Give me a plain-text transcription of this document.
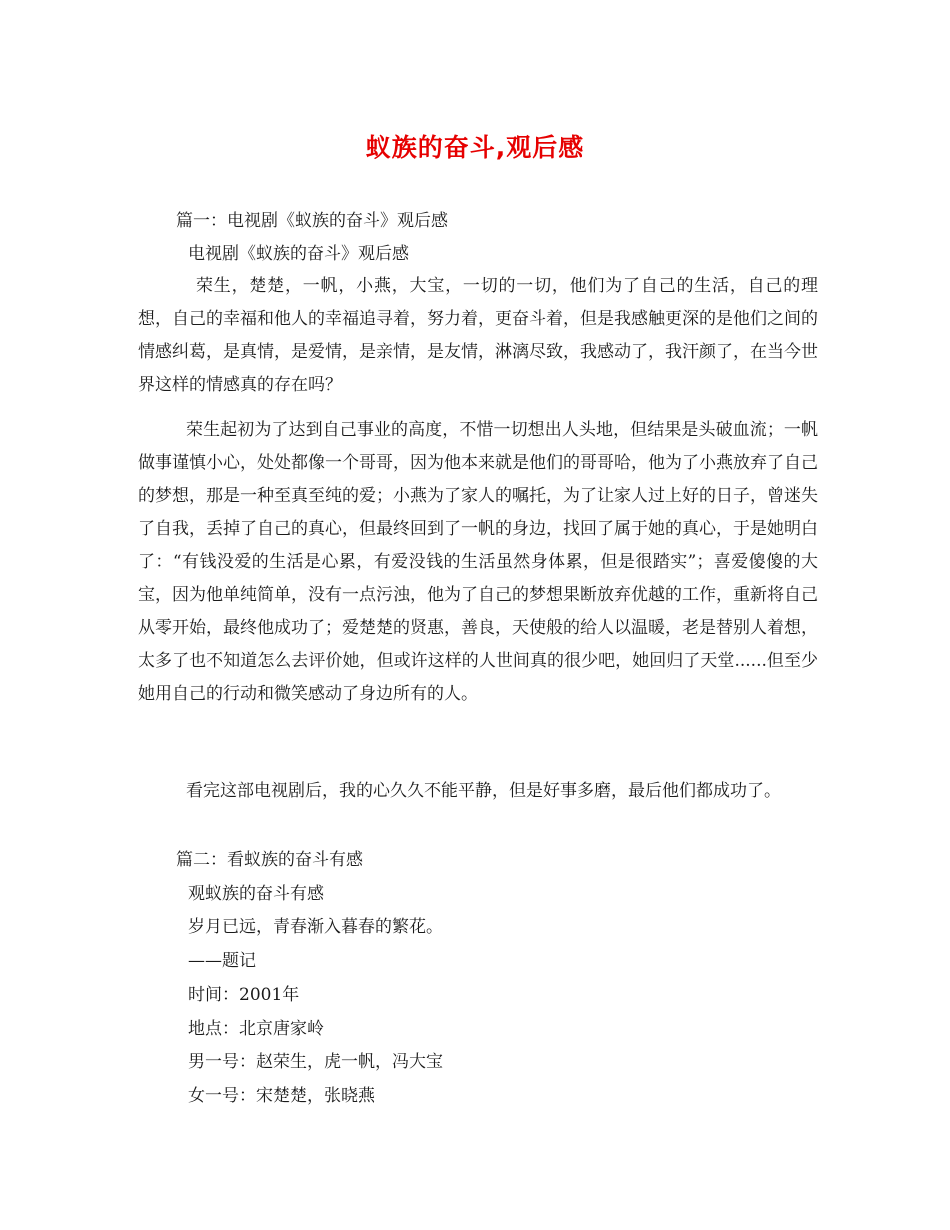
蚁族的奋斗,观后感
篇一：电视剧《蚁族的奋斗》观后感
电视剧《蚁族的奋斗》观后感
荣生，楚楚，一帆，小燕，大宝，一切的一切，他们为了自己的生活，自己的理想，自己的幸福和他人的幸福追寻着，努力着，更奋斗着，但是我感触更深的是他们之间的情感纠葛，是真情，是爱情，是亲情，是友情，淋漓尽致，我感动了，我汗颜了，在当今世界这样的情感真的存在吗？
荣生起初为了达到自己事业的高度，不惜一切想出人头地，但结果是头破血流；一帆做事谨慎小心，处处都像一个哥哥，因为他本来就是他们的哥哥哈，他为了小燕放弃了自己的梦想，那是一种至真至纯的爱；小燕为了家人的嘱托，为了让家人过上好的日子，曾迷失了自我，丢掉了自己的真心，但最终回到了一帆的身边，找回了属于她的真心，于是她明白了：“有钱没爱的生活是心累，有爱没钱的生活虽然身体累，但是很踏实”；喜爱傻傻的大宝，因为他单纯简单，没有一点污浊，他为了自己的梦想果断放弃优越的工作，重新将自己从零开始，最终他成功了；爱楚楚的贤惠，善良，天使般的给人以温暖，老是替别人着想，太多了也不知道怎么去评价她，但或许这样的人世间真的很少吧，她回归了天堂......但至少她用自己的行动和微笑感动了身边所有的人。
看完这部电视剧后，我的心久久不能平静，但是好事多磨，最后他们都成功了。
篇二：看蚁族的奋斗有感
观蚁族的奋斗有感
岁月已远，青春渐入暮春的繁花。
——题记
时间：2001年
地点：北京唐家岭
男一号：赵荣生，虎一帆，冯大宝
女一号：宋楚楚，张晓燕
